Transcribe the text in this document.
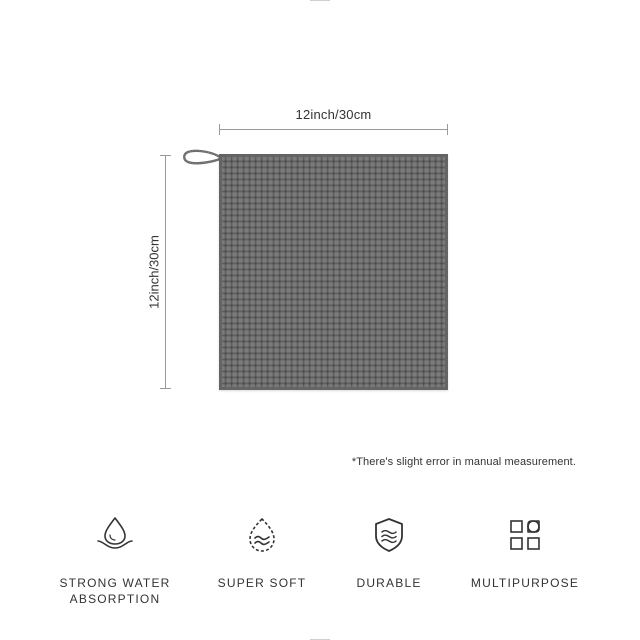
12inch/30cm
12inch/30cm
*There's slight error in manual measurement.
STRONG WATER
ABSORPTION
SUPER SOFT	DURABLE	MULTIPURPOSE
